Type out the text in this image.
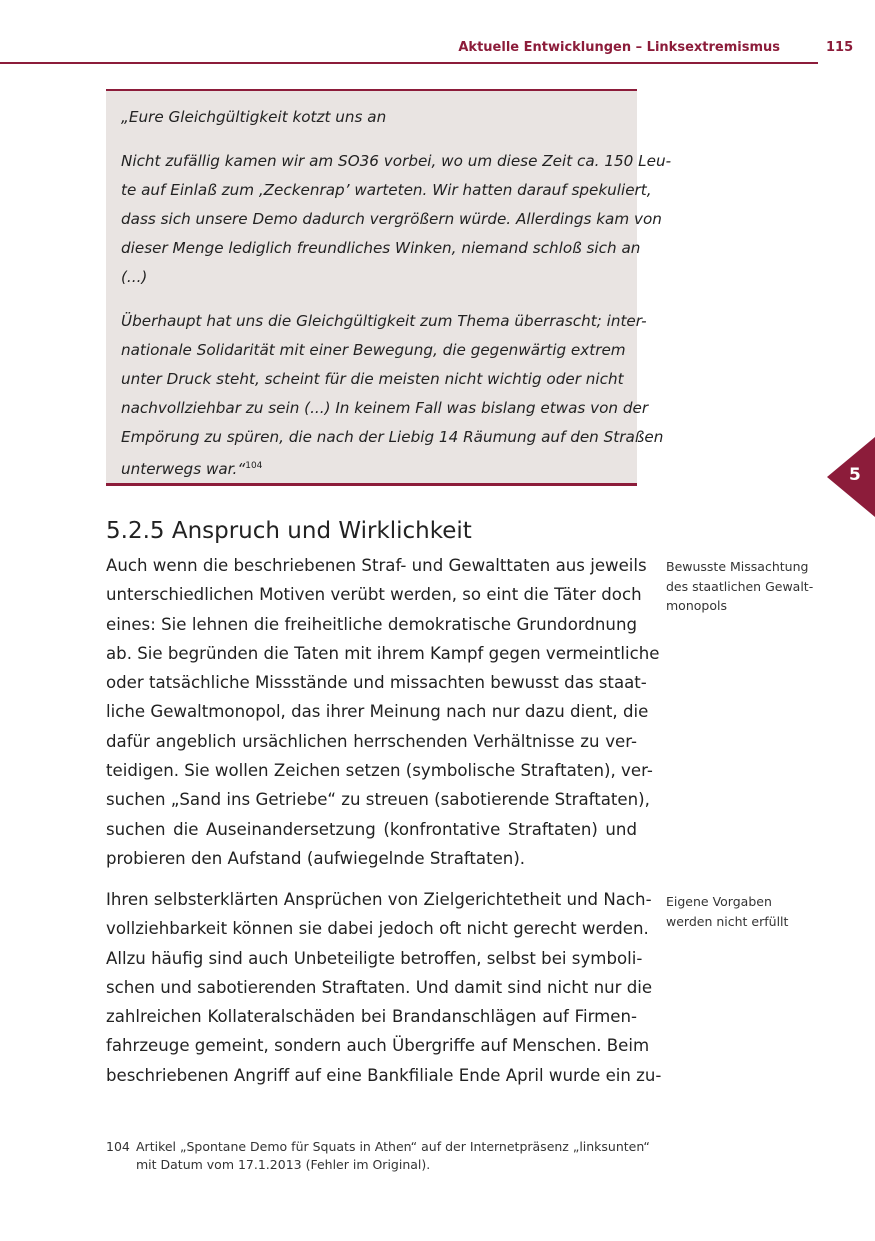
Aktuelle Entwicklungen – Linksextremismus	115

„Eure Gleichgültigkeit kotzt uns an

Nicht zufällig kamen wir am SO36 vorbei, wo um diese Zeit ca. 150 Leu-

te auf Einlaß zum ‚Zeckenrap’ warteten. Wir hatten darauf spekuliert,

dass sich unsere Demo dadurch vergrößern würde. Allerdings kam von

dieser Menge lediglich freundliches Winken, niemand schloß sich an

(...)

Überhaupt hat uns die Gleichgültigkeit zum Thema überrascht; inter-

nationale Solidarität mit einer Bewegung, die gegenwärtig extrem

unter Druck steht, scheint für die meisten nicht wichtig oder nicht

nachvollziehbar zu sein (...) In keinem Fall was bislang etwas von der

Empörung zu spüren, die nach der Liebig 14 Räumung auf den Straßen

unterwegs war.“$^{104}$	5
5.2.5 Anspruch und Wirklichkeit

Auch wenn die beschriebenen Straf- und Gewalttaten aus jeweils

unterschiedlichen Motiven verübt werden, so eint die Täter doch

eines: Sie lehnen die freiheitliche demokratische Grundordnung

ab. Sie begründen die Taten mit ihrem Kampf gegen vermeintliche

oder tatsächliche Missstände und missachten bewusst das staat-

liche Gewaltmonopol, das ihrer Meinung nach nur dazu dient, die

dafür angeblich ursächlichen herrschenden Verhältnisse zu ver-

teidigen. Sie wollen Zeichen setzen (symbolische Straftaten), ver-

suchen „Sand ins Getriebe“ zu streuen (sabotierende Straftaten),

suchen die Auseinandersetzung (konfrontative Straftaten) und

probieren den Aufstand (aufwiegelnde Straftaten).

Ihren selbsterklärten Ansprüchen von Zielgerichtetheit und Nach-

vollziehbarkeit können sie dabei jedoch oft nicht gerecht werden.

Allzu häufig sind auch Unbeteiligte betroffen, selbst bei symboli-

schen und sabotierenden Straftaten. Und damit sind nicht nur die

zahlreichen Kollateralschäden bei Brandanschlägen auf Firmen-

fahrzeuge gemeint, sondern auch Übergriffe auf Menschen. Beim

beschriebenen Angriff auf eine Bankfiliale Ende April wurde ein zu-

Bewusste Missachtung
des staatlichen Gewalt-
monopols
Eigene Vorgaben
werden nicht erfüllt

104 Artikel „Spontane Demo für Squats in Athen“ auf der Internetpräsenz „linksunten“

mit Datum vom 17.1.2013 (Fehler im Original).
